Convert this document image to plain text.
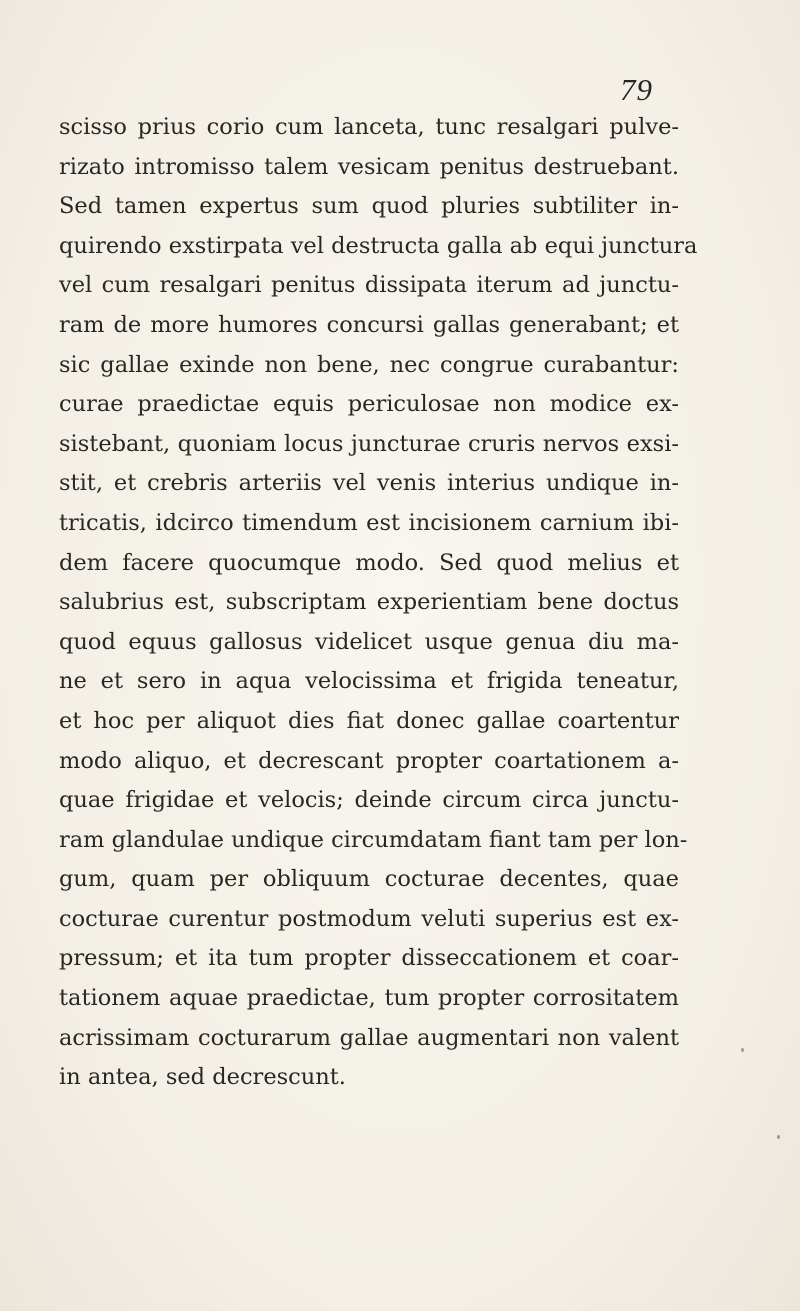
79
scisso prius corio cum lanceta, tunc resalgari pulve-
rizato intromisso talem vesicam penitus destruebant.
Sed tamen expertus sum quod pluries subtiliter in-
quirendo exstirpata vel destructa galla ab equi junctura
vel cum resalgari penitus dissipata iterum ad junctu-
ram de more humores concursi gallas generabant; et
sic gallae exinde non bene, nec congrue curabantur:
curae praedictae equis periculosae non modice ex-
sistebant, quoniam locus juncturae cruris nervos exsi-
stit, et crebris arteriis vel venis interius undique in-
tricatis, idcirco timendum est incisionem carnium ibi-
dem facere quocumque modo. Sed quod melius et
salubrius est, subscriptam experientiam bene doctus
quod equus gallosus videlicet usque genua diu ma-
ne et sero in aqua velocissima et frigida teneatur,
et hoc per aliquot dies fiat donec gallae coartentur
modo aliquo, et decrescant propter coartationem a-
quae frigidae et velocis; deinde circum circa junctu-
ram glandulae undique circumdatam fiant tam per lon-
gum, quam per obliquum cocturae decentes, quae
cocturae curentur postmodum veluti superius est ex-
pressum; et ita tum propter disseccationem et coar-
tationem aquae praedictae, tum propter corrositatem
acrissimam cocturarum gallae augmentari non valent
in antea, sed decrescunt.
